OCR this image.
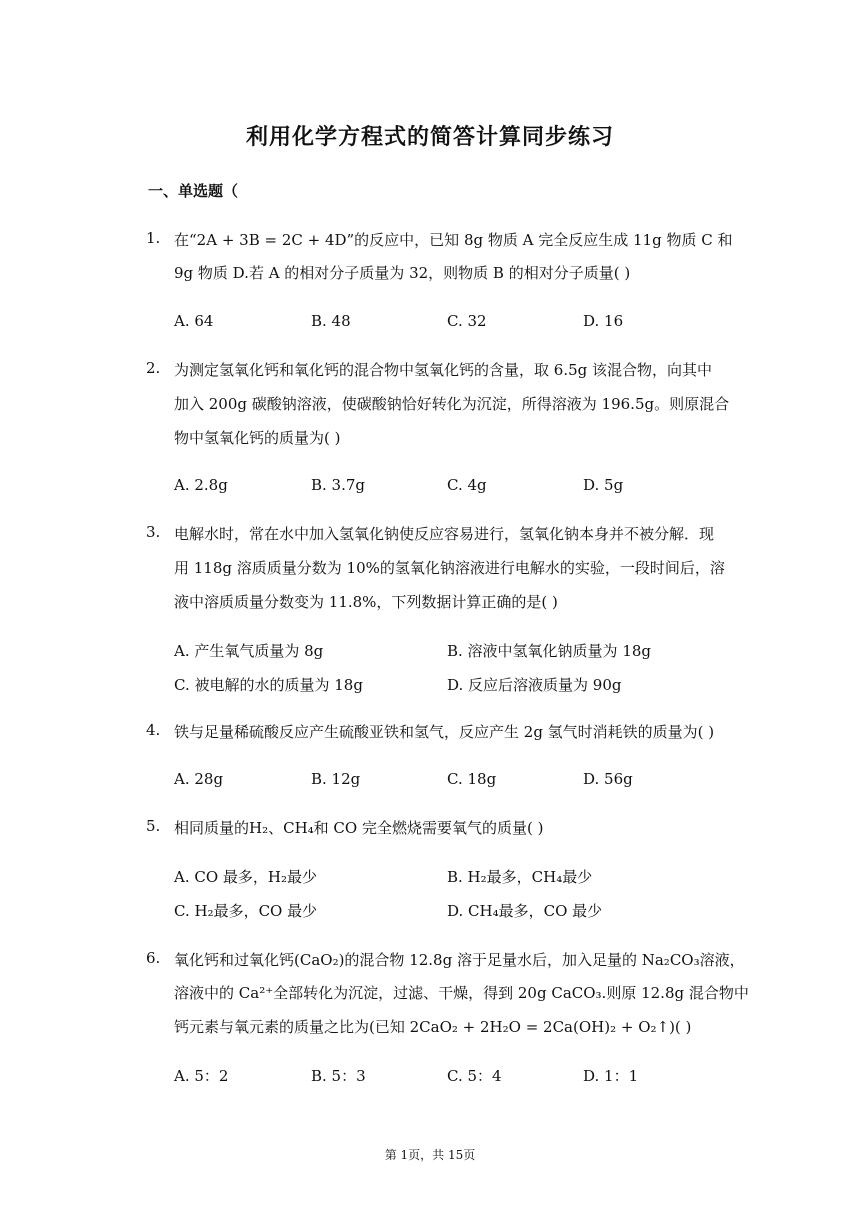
利用化学方程式的简答计算同步练习
一、单选题（
1. 在“2A + 3B = 2C + 4D”的反应中，已知 8g 物质 A 完全反应生成 11g 物质 C 和
9g 物质 D.若 A 的相对分子质量为 32，则物质 B 的相对分子质量( )
A. 64	B. 48	C. 32	D. 16
2. 为测定氢氧化钙和氧化钙的混合物中氢氧化钙的含量，取 6.5g 该混合物，向其中
加入 200g 碳酸钠溶液，使碳酸钠恰好转化为沉淀，所得溶液为 196.5g。则原混合
物中氢氧化钙的质量为( )
A. 2.8g	B. 3.7g	C. 4g	D. 5g
3. 电解水时，常在水中加入氢氧化钠使反应容易进行，氢氧化钠本身并不被分解．现
用 118g 溶质质量分数为 10%的氢氧化钠溶液进行电解水的实验，一段时间后，溶
液中溶质质量分数变为 11.8%，下列数据计算正确的是( )
A. 产生氧气质量为 8g	B. 溶液中氢氧化钠质量为 18g
C. 被电解的水的质量为 18g	D. 反应后溶液质量为 90g
4. 铁与足量稀硫酸反应产生硫酸亚铁和氢气，反应产生 2g 氢气时消耗铁的质量为( )
A. 28g	B. 12g	C. 18g	D. 56g
5. 相同质量的H₂、CH₄和 CO 完全燃烧需要氧气的质量( )
A. CO 最多，H₂最少	B. H₂最多，CH₄最少
C. H₂最多，CO 最少	D. CH₄最多，CO 最少
6. 氧化钙和过氧化钙(CaO₂)的混合物 12.8g 溶于足量水后，加入足量的 Na₂CO₃溶液，
溶液中的 Ca²⁺全部转化为沉淀，过滤、干燥，得到 20g CaCO₃.则原 12.8g 混合物中
钙元素与氧元素的质量之比为(已知 2CaO₂ + 2H₂O = 2Ca(OH)₂ + O₂↑)( )
A. 5：2	B. 5：3	C. 5：4	D. 1：1
第 1页，共 15页
